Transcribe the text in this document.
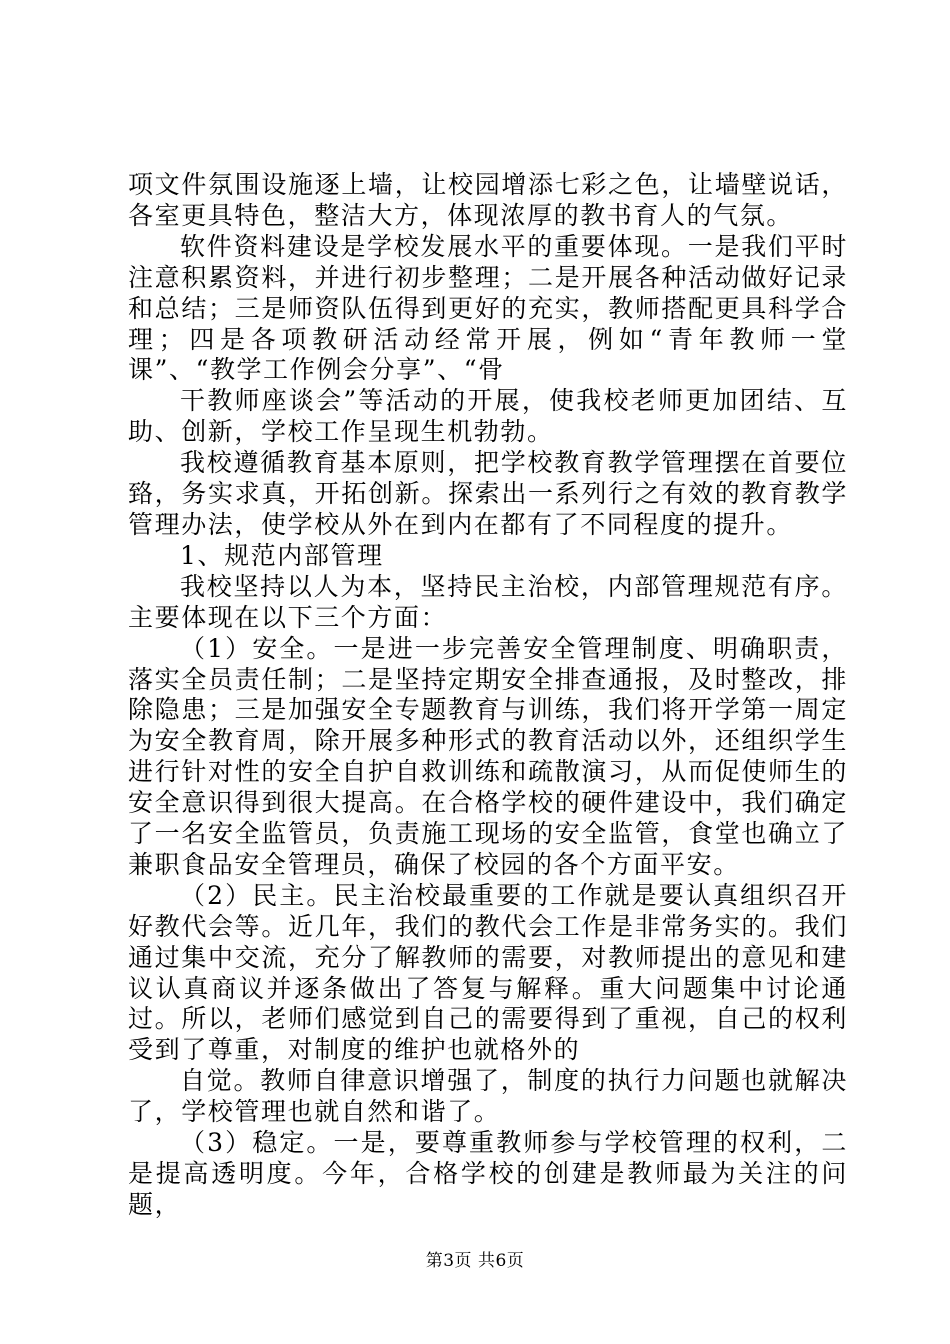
项文件氛围设施逐上墙，让校园增添七彩之色，让墙壁说话，各室更具特色，整洁大方，体现浓厚的教书育人的气氛。

软件资料建设是学校发展水平的重要体现。一是我们平时注意积累资料，并进行初步整理；二是开展各种活动做好记录和总结；三是师资队伍得到更好的充实，教师搭配更具科学合理；四是各项教研活动经常开展，例如“青年教师一堂课”、“教学工作例会分享”、“骨

干教师座谈会”等活动的开展，使我校老师更加团结、互助、创新，学校工作呈现生机勃勃。

我校遵循教育基本原则，把学校教育教学管理摆在首要位臵，务实求真，开拓创新。探索出一系列行之有效的教育教学管理办法，使学校从外在到内在都有了不同程度的提升。

1、规范内部管理

我校坚持以人为本，坚持民主治校，内部管理规范有序。主要体现在以下三个方面：

（1）安全。一是进一步完善安全管理制度、明确职责，落实全员责任制；二是坚持定期安全排查通报，及时整改，排除隐患；三是加强安全专题教育与训练，我们将开学第一周定为安全教育周，除开展多种形式的教育活动以外，还组织学生进行针对性的安全自护自救训练和疏散演习，从而促使师生的安全意识得到很大提高。在合格学校的硬件建设中，我们确定了一名安全监管员，负责施工现场的安全监管，食堂也确立了兼职食品安全管理员，确保了校园的各个方面平安。

（2）民主。民主治校最重要的工作就是要认真组织召开好教代会等。近几年，我们的教代会工作是非常务实的。我们通过集中交流，充分了解教师的需要，对教师提出的意见和建议认真商议并逐条做出了答复与解释。重大问题集中讨论通过。所以，老师们感觉到自己的需要得到了重视，自己的权利受到了尊重，对制度的维护也就格外的

自觉。教师自律意识增强了，制度的执行力问题也就解决了，学校管理也就自然和谐了。

（3）稳定。一是，要尊重教师参与学校管理的权利，二是提高透明度。今年，合格学校的创建是教师最为关注的问题，

第3页 共6页
